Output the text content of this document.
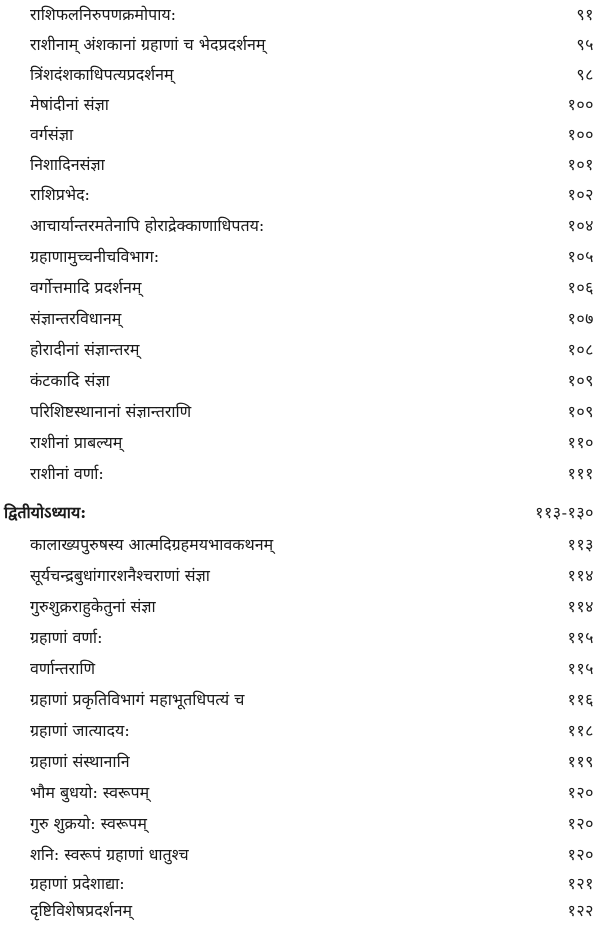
राशिफलनिरुपणक्रमोपाय:	९१
राशीनाम् अंशकानां ग्रहाणां च भेदप्रदर्शनम्	९५
त्रिंशदंशकाधिपत्यप्रदर्शनम्	९८
मेषांदीनां संज्ञा	१००
वर्गसंज्ञा	१००
निशादिनसंज्ञा	१०१
राशिप्रभेद:	१०२
आचार्यान्तरमतेनापि होराद्रेक्काणाधिपतय:	१०४
ग्रहाणामुच्चनीचविभाग:	१०५
वर्गोत्तमादि प्रदर्शनम्	१०६
संज्ञान्तरविधानम्	१०७
होरादीनां संज्ञान्तरम्	१०८
कंटकादि संज्ञा	१०९
परिशिष्टस्थानानां संज्ञान्तराणि	१०९
राशीनां प्राबल्यम्	११०
राशीनां वर्णा:	१११
द्वितीयोऽध्याय:	११३-१३०
कालाख्यपुरुषस्य आत्मदिग्रहमयभावकथनम्	११३
सूर्यचन्द्रबुधांगारशनैश्चराणां संज्ञा	११४
गुरुशुक्रराहुकेतुनां संज्ञा	११४
ग्रहाणां वर्णा:	११५
वर्णान्तराणि	११५
ग्रहाणां प्रकृतिविभागं महाभूतधिपत्यं च	११६
ग्रहाणां जात्यादय:	११८
ग्रहाणां संस्थानानि	११९
भौम बुधयो: स्वरूपम्	१२०
गुरु शुक्रयो: स्वरूपम्	१२०
शनि: स्वरूपं ग्रहाणां धातुश्च	१२०
ग्रहाणां प्रदेशाद्या:	१२१
दृष्टिविशेषप्रदर्शनम्	१२२
